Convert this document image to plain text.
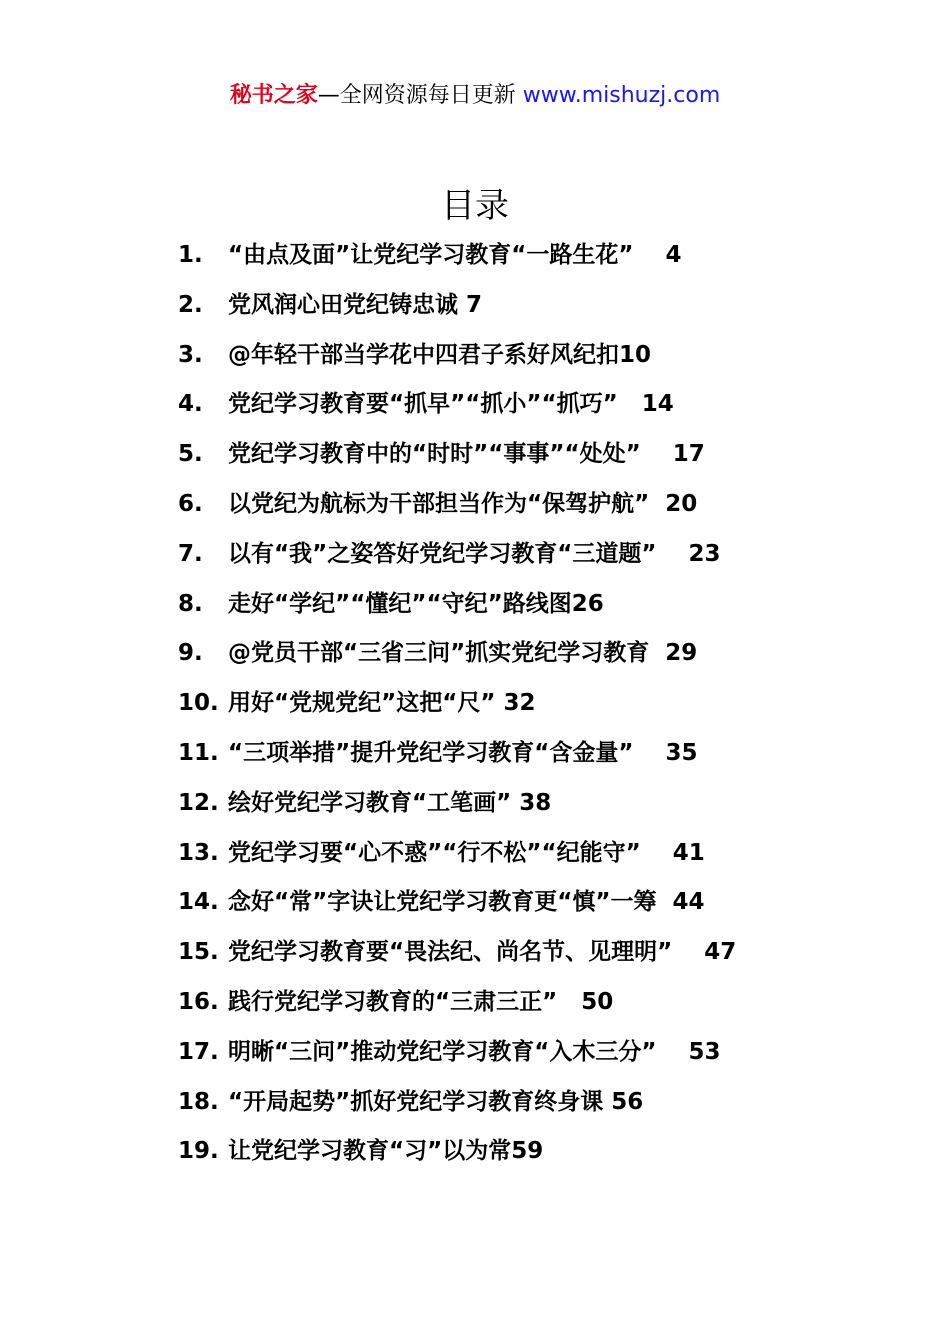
秘书之家—全网资源每日更新 www.mishuzj.com
目录
1. “由点及面”让党纪学习教育“一路生花” 4
2. 党风润心田党纪铸忠诚 7
3. @年轻干部当学花中四君子系好风纪扣10
4. 党纪学习教育要“抓早”“抓小”“抓巧” 14
5. 党纪学习教育中的“时时”“事事”“处处” 17
6. 以党纪为航标为干部担当作为“保驾护航” 20
7. 以有“我”之姿答好党纪学习教育“三道题” 23
8. 走好“学纪”“懂纪”“守纪”路线图26
9. @党员干部“三省三问”抓实党纪学习教育 29
10. 用好“党规党纪”这把“尺” 32
11. “三项举措”提升党纪学习教育“含金量” 35
12. 绘好党纪学习教育“工笔画” 38
13. 党纪学习要“心不惑”“行不松”“纪能守” 41
14. 念好“常”字诀让党纪学习教育更“慎”一筹 44
15. 党纪学习教育要“畏法纪、尚名节、见理明” 47
16. 践行党纪学习教育的“三肃三正” 50
17. 明晰“三问”推动党纪学习教育“入木三分” 53
18. “开局起势”抓好党纪学习教育终身课 56
19. 让党纪学习教育“习”以为常59
